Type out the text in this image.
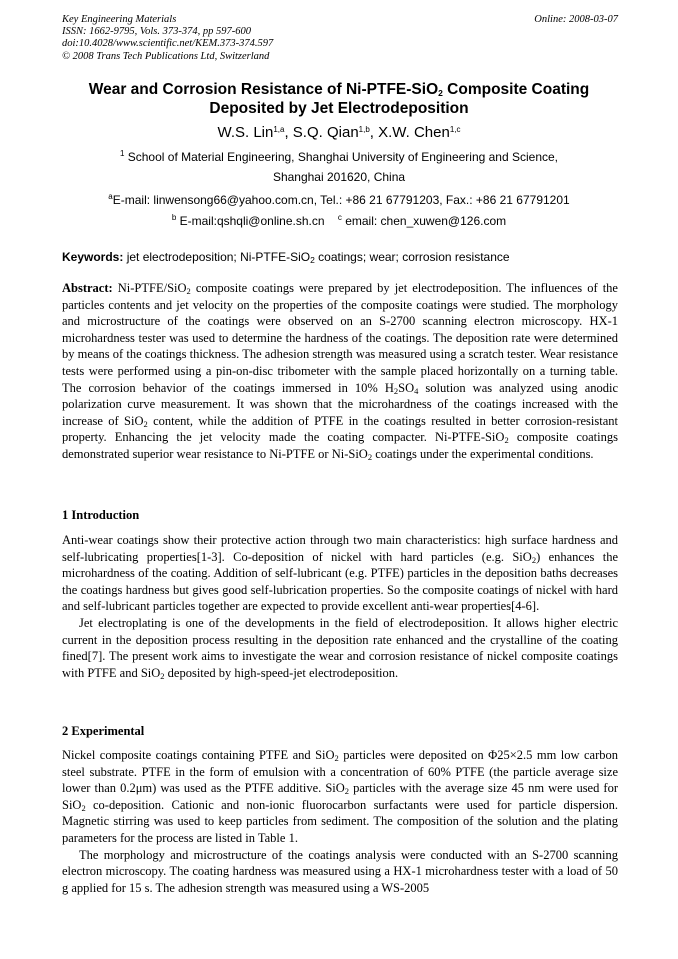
Key Engineering Materials
ISSN: 1662-9795, Vols. 373-374, pp 597-600
doi:10.4028/www.scientific.net/KEM.373-374.597
© 2008 Trans Tech Publications Ltd, Switzerland
Online: 2008-03-07
Wear and Corrosion Resistance of Ni-PTFE-SiO$_2$ Composite Coating
Deposited by Jet Electrodeposition
W.S. Lin$^{1,a}$, S.Q. Qian$^{1,b}$, X.W. Chen$^{1,c}$
$^1$ School of Material Engineering, Shanghai University of Engineering and Science,
Shanghai 201620, China
$^a$E-mail: linwensong66@yahoo.com.cn, Tel.: +86 21 67791203, Fax.: +86 21 67791201
$^b$ E-mail:qshqli@online.sh.cn $^c$ email: chen_xuwen@126.com
Keywords: jet electrodeposition; Ni-PTFE-SiO$_2$ coatings; wear; corrosion resistance

Abstract: Ni-PTFE/SiO$_2$ composite coatings were prepared by jet electrodeposition. The influences of the particles contents and jet velocity on the properties of the composite coatings were studied. The morphology and microstructure of the coatings were observed on an S-2700 scanning electron microscopy. HX-1 microhardness tester was used to determine the hardness of the coatings. The deposition rate were determined by means of the coatings thickness. The adhesion strength was measured using a scratch tester. Wear resistance tests were performed using a pin-on-disc tribometer with the sample placed horizontally on a turning table. The corrosion behavior of the coatings immersed in 10% $H_2SO_4$ solution was analyzed using anodic polarization curve measurement. It was shown that the microhardness of the coatings increased with the increase of SiO$_2$ content, while the addition of PTFE in the coatings resulted in better corrosion-resistant property. Enhancing the jet velocity made the coating compacter. Ni-PTFE-SiO$_2$ composite coatings demonstrated superior wear resistance to Ni-PTFE or Ni-SiO$_2$ coatings under the experimental conditions.

1 Introduction

Anti-wear coatings show their protective action through two main characteristics: high surface hardness and self-lubricating properties[1-3]. Co-deposition of nickel with hard particles (e.g. SiO$_2$) enhances the microhardness of the coating. Addition of self-lubricant (e.g. PTFE) particles in the deposition baths decreases the coatings hardness but gives good self-lubrication properties. So the composite coatings of nickel with hard and self-lubricant particles together are expected to provide excellent anti-wear properties[4-6].

Jet electroplating is one of the developments in the field of electrodeposition. It allows higher electric current in the deposition process resulting in the deposition rate enhanced and the crystalline of the coating fined[7]. The present work aims to investigate the wear and corrosion resistance of nickel composite coatings with PTFE and SiO$_2$ deposited by high-speed-jet electrodeposition.

2 Experimental

Nickel composite coatings containing PTFE and SiO$_2$ particles were deposited on Φ25×2.5 mm low carbon steel substrate. PTFE in the form of emulsion with a concentration of 60% PTFE (the particle average size lower than 0.2μm) was used as the PTFE additive. SiO$_2$ particles with the average size 45 nm were used for SiO$_2$ co-deposition. Cationic and non-ionic fluorocarbon surfactants were used for particle dispersion. Magnetic stirring was used to keep particles from sediment. The composition of the solution and the plating parameters for the process are listed in Table 1.

The morphology and microstructure of the coatings analysis were conducted with an S-2700 scanning electron microscopy. The coating hardness was measured using a HX-1 microhardness tester with a load of 50 g applied for 15 s. The adhesion strength was measured using a WS-2005
